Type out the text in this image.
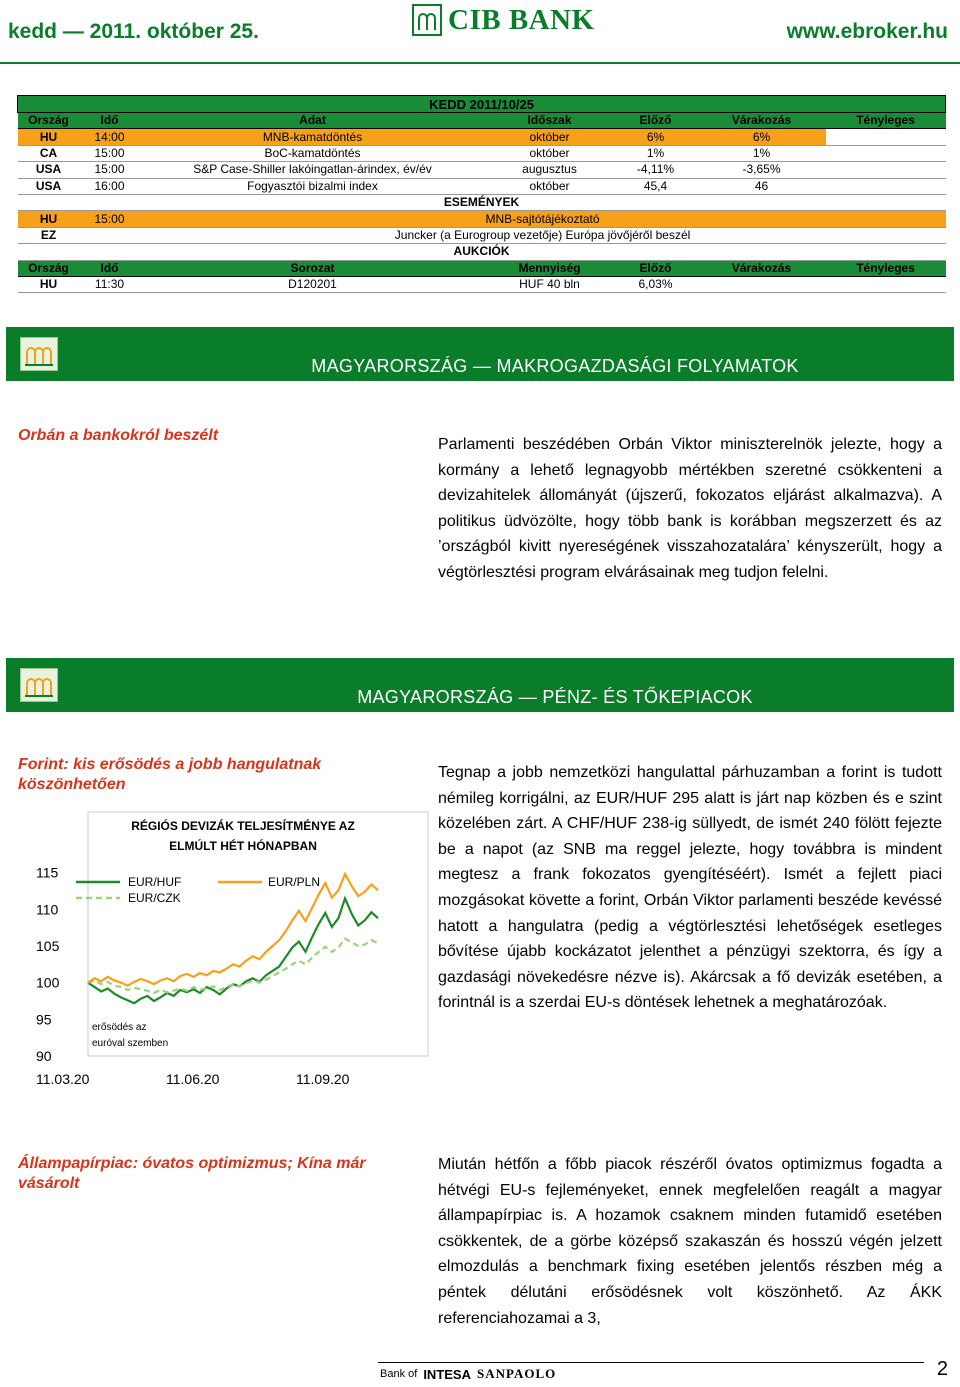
kedd — 2011. október 25.	CIB BANK	www.ebroker.hu
KEDD 2011/10/25						
Ország	Idő	Adat	Időszak	Előző	Várakozás	Tényleges
HU	14:00	MNB-kamatdöntés	október	6%	6%	
CA	15:00	BoC-kamatdöntés	október	1%	1%	
USA	15:00	S&P Case-Shiller lakóingatlan-árindex, év/év	augusztus	-4,11%	-3,65%	
USA	16:00	Fogyasztói bizalmi index	október	45,4	46	
ESEMÉNYEK						
HU	15:00	MNB-sajtótájékoztató				
EZ		Juncker (a Eurogroup vezetője) Európa jövőjéről beszél				
AUKCIÓK						
Ország	Idő	Sorozat	Mennyiség	Előző	Várakozás	Tényleges
HU	11:30	D120201	HUF 40 bln	6,03%		
MAGYARORSZÁG — MAKROGAZDASÁGI FOLYAMATOK
Orbán a bankokról beszélt
Parlamenti beszédében Orbán Viktor miniszterelnök jelezte, hogy a kormány a lehető legnagyobb mértékben szeretné csökkenteni a devizahitelek állományát (újszerű, fokozatos eljárást alkalmazva). A politikus üdvözölte, hogy több bank is korábban megszerzett és az ’országból kivitt nyereségének visszahozatalára’ kényszerült, hogy a végtörlesztési program elvárásainak meg tudjon felelni.
MAGYARORSZÁG — PÉNZ- ÉS TŐKEPIACOK
Forint: kis erősödés a jobb hangulatnak köszönhetően
RÉGIÓS DEVIZÁK TELJESÍTMÉNYE AZ
ELMÚLT HÉT HÓNAPBAN
90
95
100
105
110
115
11.03.20	11.06.20	11.09.20
EUR/HUF
EUR/CZK
EUR/PLN
erősödés az
euróval szemben
Tegnap a jobb nemzetközi hangulattal párhuzamban a forint is tudott némileg korrigálni, az EUR/HUF 295 alatt is járt nap közben és e szint közelében zárt. A CHF/HUF 238-ig süllyedt, de ismét 240 fölött fejezte be a napot (az SNB ma reggel jelezte, hogy továbbra is mindent megtesz a frank fokozatos gyengítéséért). Ismét a fejlett piaci mozgásokat követte a forint, Orbán Viktor parlamenti beszéde kevéssé hatott a hangulatra (pedig a végtörlesztési lehetőségek esetleges bővítése újabb kockázatot jelenthet a pénzügyi szektorra, és így a gazdasági növekedésre nézve is). Akárcsak a fő devizák esetében, a forintnál is a szerdai EU-s döntések lehetnek a meghatározóak.
Állampapírpiac: óvatos optimizmus; Kína már vásárolt
Miután hétfőn a főbb piacok részéről óvatos optimizmus fogadta a hétvégi EU-s fejleményeket, ennek megfelelően reagált a magyar állampapírpiac is. A hozamok csaknem minden futamidő esetében csökkentek, de a görbe középső szakaszán és hosszú végén jelzett elmozdulás a benchmark fixing esetében jelentős részben még a péntek délutáni erősödésnek volt köszönhető. Az ÁKK referenciahozamai a 3,
Bank of INTESA SANPAOLO	2
